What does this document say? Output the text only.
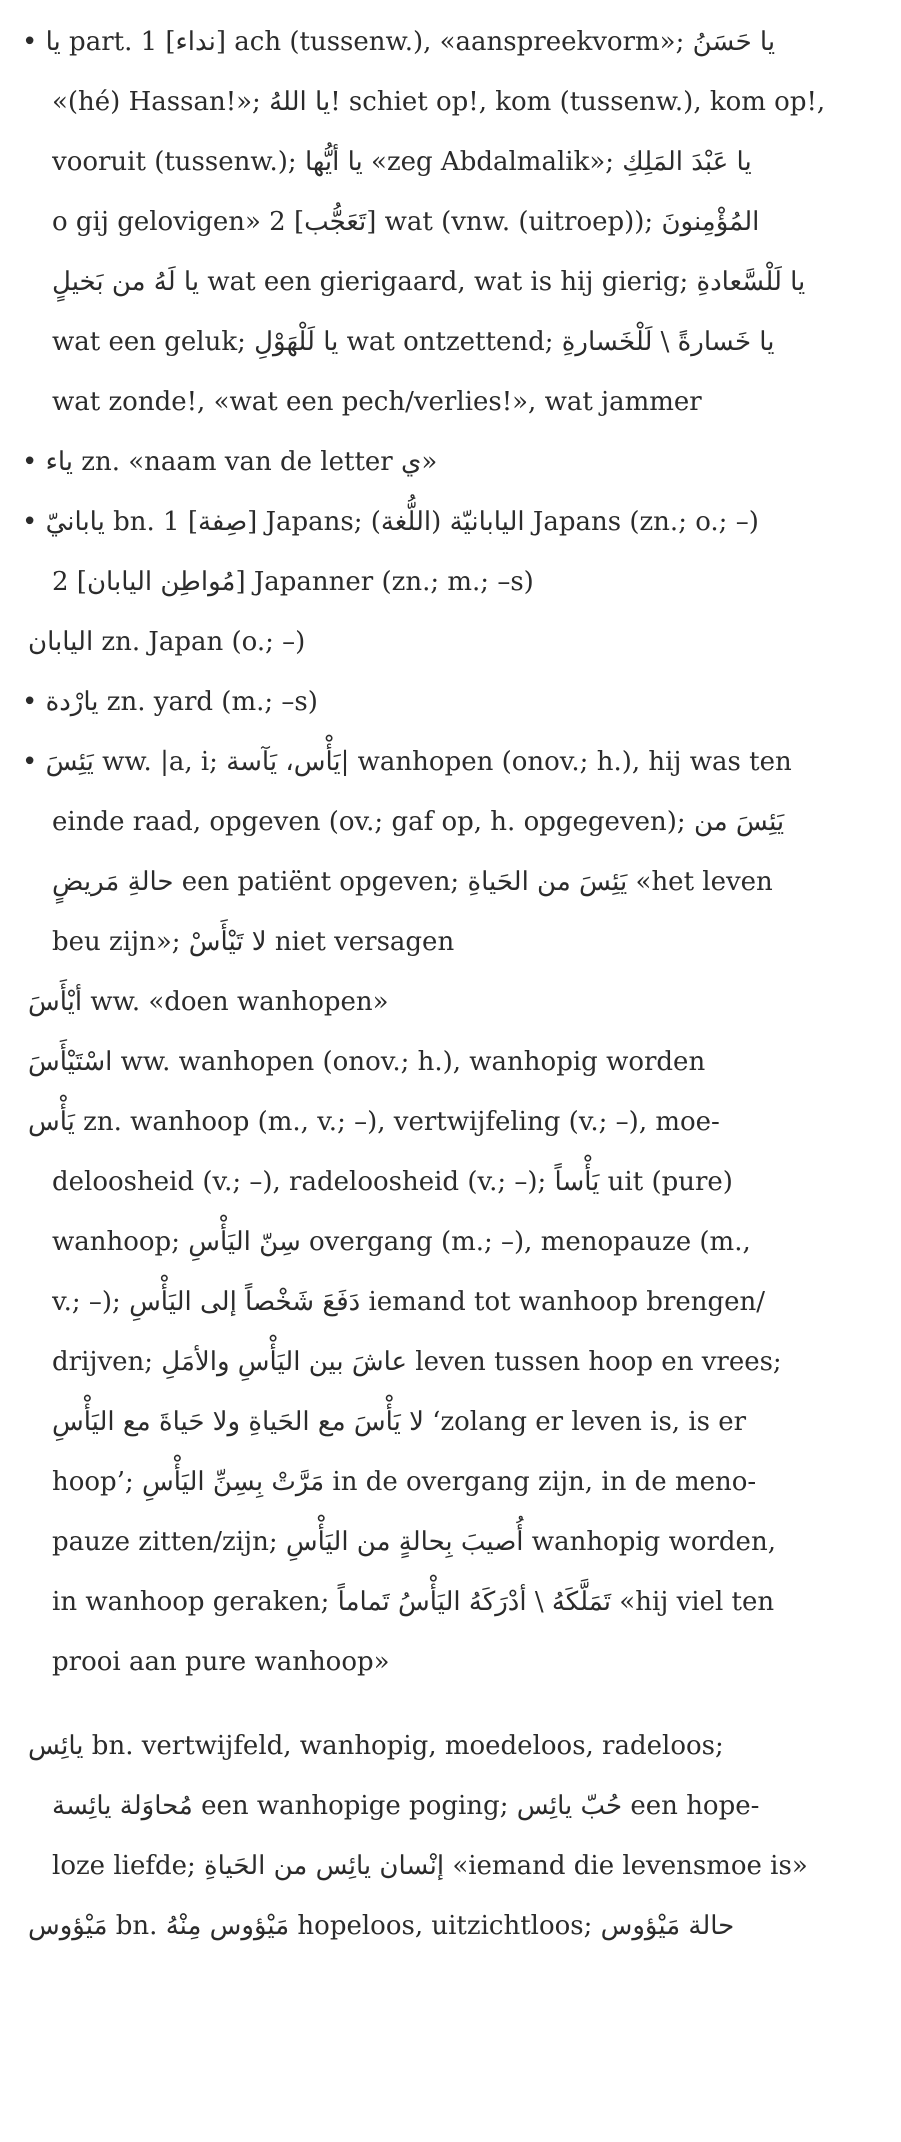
• يا part. 1 [نداء] ach (tussenw.), «aanspreekvorm»; يا حَسَنُ
«(hé) Hassan!»; يا اللهُ! schiet op!, kom (tussenw.), kom op!,
vooruit (tussenw.); يا أيُّها «zeg Abdalmalik»; يا عَبْدَ المَلِكِ
o gij gelovigen» 2 [تَعَجُّب] wat (vnw. (uitroep)); المُؤْمِنونَ
يا لَهُ من بَخيلٍ wat een gierigaard, wat is hij gierig; يا لَلْسَّعادةِ
wat een geluk; يا لَلْهَوْلِ wat ontzettend; يا خَسارةً \ لَلْخَسارةِ
wat zonde!, «wat een pech/verlies!», wat jammer
• ياء zn. «naam van de letter ي»
• يابانيّ bn. 1 [صِفة] Japans; (اللُّغة) اليابانيّة Japans (zn.; o.; –)
2 [مُواطِن اليابان] Japanner (zn.; m.; –s)
اليابان zn. Japan (o.; –)
• يارْدة zn. yard (m.; –s)
• يَئِسَ ww. |a, i; يَأْس، يَآسة| wanhopen (onov.; h.), hij was ten
einde raad, opgeven (ov.; gaf op, h. opgegeven); يَئِسَ من
حالةِ مَريضٍ een patiënt opgeven; يَئِسَ من الحَياةِ «het leven
beu zijn»; لا تَيْأَسْ niet versagen
أيْأَسَ ww. «doen wanhopen»
اسْتَيْأَسَ ww. wanhopen (onov.; h.), wanhopig worden
يَأْس zn. wanhoop (m., v.; –), vertwijfeling (v.; –), moe-
deloosheid (v.; –), radeloosheid (v.; –); يَأْساً uit (pure)
wanhoop; سِنّ اليَأْسِ overgang (m.; –), menopauze (m.,
v.; –); دَفَعَ شَخْصاً إلى اليَأْسِ iemand tot wanhoop brengen/
drijven; عاشَ بين اليَأْسِ والأمَلِ leven tussen hoop en vrees;
لا يَأْسَ مع الحَياةِ ولا حَياةَ مع اليَأْسِ ‘zolang er leven is, is er
hoop’; مَرَّتْ بِسِنِّ اليَأْسِ in de overgang zijn, in de meno-
pauze zitten/zijn; أُصيبَ بِحالةٍ من اليَأْسِ wanhopig worden,
in wanhoop geraken; تَمَلَّكَهُ \ أدْرَكَهُ اليَأْسُ تَماماً «hij viel ten
prooi aan pure wanhoop»
يائِس bn. vertwijfeld, wanhopig, moedeloos, radeloos;
مُحاوَلة يائِسة een wanhopige poging; حُبّ يائِس een hope-
loze liefde; إنْسان يائِس من الحَياةِ «iemand die levensmoe is»
مَيْؤوس bn. مَيْؤوس مِنْهُ hopeloos, uitzichtloos; حالة مَيْؤوس
